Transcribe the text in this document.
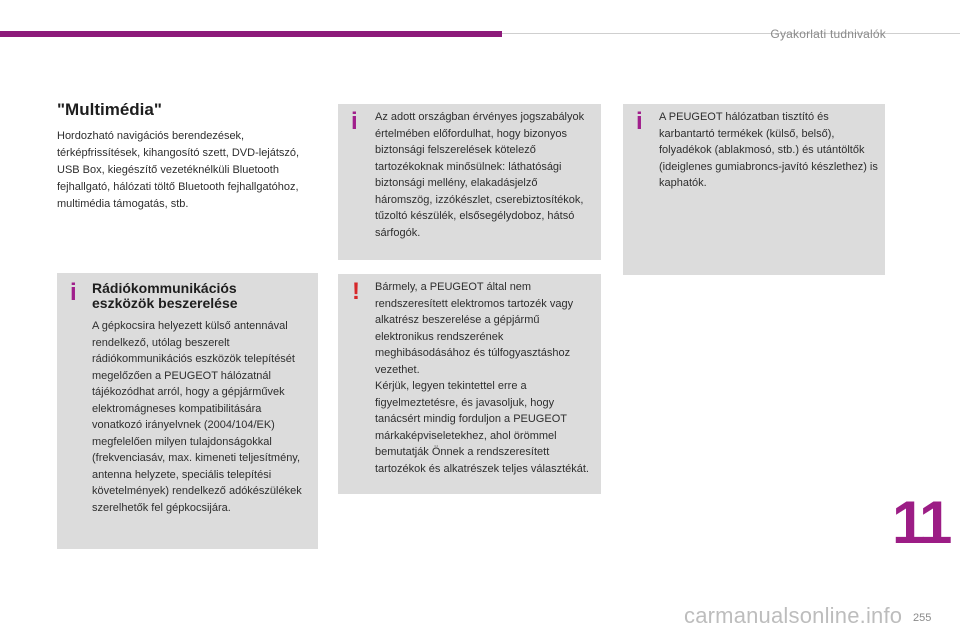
Gyakorlati tudnivalók
"Multimédia"
Hordozható navigációs berendezések, térképfrissítések, kihangosító szett, DVD-lejátszó, USB Box, kiegészítő vezetéknélküli Bluetooth fejhallgató, hálózati töltő Bluetooth fejhallgatóhoz, multimédia támogatás, stb.
i Rádiókommunikációs eszközök beszerelése
A gépkocsira helyezett külső antennával rendelkező, utólag beszerelt rádiókommunikációs eszközök telepítését megelőzően a PEUGEOT hálózatnál tájékozódhat arról, hogy a gépjárművek elektromágneses kompatibilitására vonatkozó irányelvnek (2004/104/EK) megfelelően milyen tulajdonságokkal (frekvenciasáv, max. kimeneti teljesítmény, antenna helyzete, speciális telepítési követelmények) rendelkező adókészülékek szerelhetők fel gépkocsijára.
i Az adott országban érvényes jogszabályok értelmében előfordulhat, hogy bizonyos biztonsági felszerelések kötelező tartozékoknak minősülnek: láthatósági biztonsági mellény, elakadásjelző háromszög, izzókészlet, cserebiztosítékok, tűzoltó készülék, elsősegélydoboz, hátsó sárfogók.
! Bármely, a PEUGEOT által nem rendszeresített elektromos tartozék vagy alkatrész beszerelése a gépjármű elektronikus rendszerének meghibásodásához és túlfogyasztáshoz vezethet.
Kérjük, legyen tekintettel erre a figyelmeztetésre, és javasoljuk, hogy tanácsért mindig forduljon a PEUGEOT márkaképviseletekhez, ahol örömmel bemutatják Önnek a rendszeresített tartozékok és alkatrészek teljes választékát.
i A PEUGEOT hálózatban tisztító és karbantartó termékek (külső, belső), folyadékok (ablakmosó, stb.) és utántöltők (ideiglenes gumiabroncs-javító készlethez) is kaphatók.
11
carmanualsonline.info 255
